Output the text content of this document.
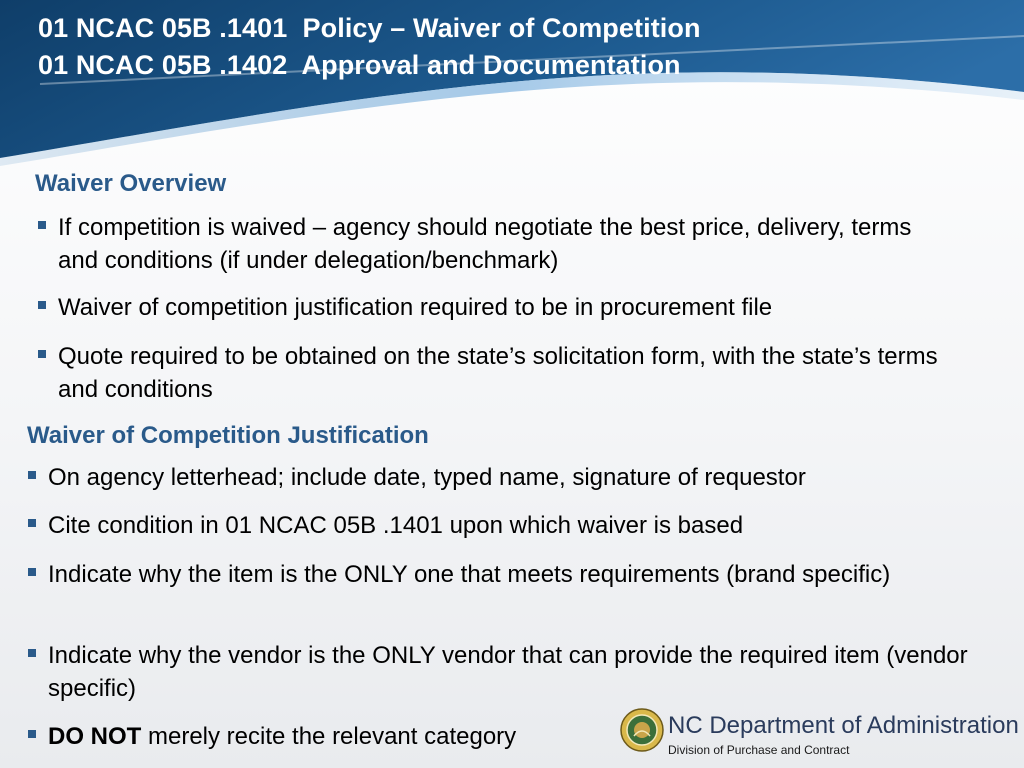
01 NCAC 05B .1401  Policy – Waiver of Competition
01 NCAC 05B .1402  Approval and Documentation
Waiver Overview
If competition is waived – agency should negotiate the best price, delivery, terms and conditions (if under delegation/benchmark)
Waiver of competition justification required to be in procurement file
Quote required to be obtained on the state’s solicitation form, with the state’s terms and conditions
Waiver of Competition Justification
On agency letterhead; include date, typed name, signature of requestor
Cite condition in 01 NCAC 05B .1401 upon which waiver is based
Indicate why the item is the ONLY one that meets requirements (brand specific)
Indicate why the vendor is the ONLY vendor that can provide the required item (vendor specific)
DO NOT merely recite the relevant category	NC Department of Administration
Division of Purchase and Contract
